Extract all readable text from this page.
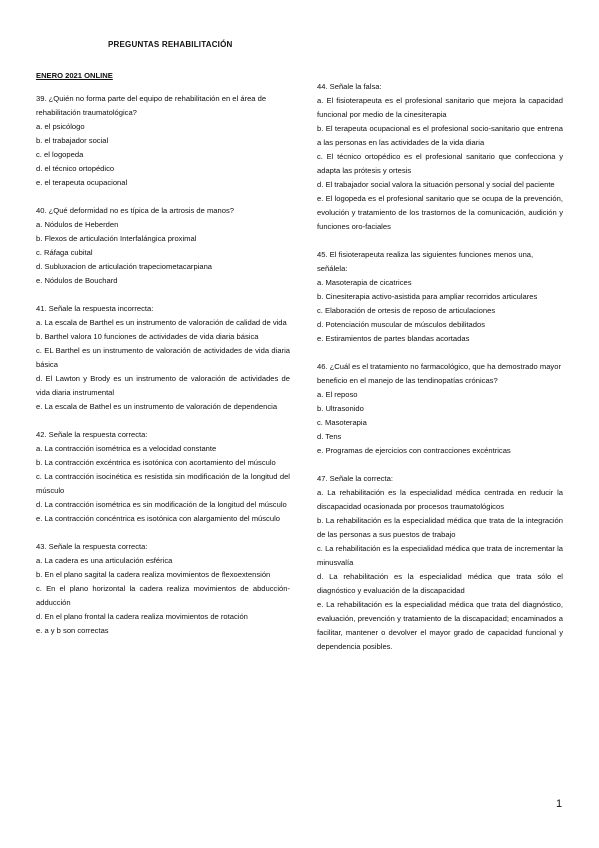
PREGUNTAS REHABILITACIÓN
ENERO 2021 ONLINE

39. ¿Quién no forma parte del equipo de rehabilitación en el área de rehabilitación traumatológica?

a. el psicólogo

b. el trabajador social

c. el logopeda

d. el técnico ortopédico

e. el terapeuta ocupacional

40. ¿Qué deformidad no es típica de la artrosis de manos?

a. Nódulos de Heberden

b. Flexos de articulación Interfalángica proximal

c. Ráfaga cubital

d. Subluxacion de articulación trapeciometacarpiana

e. Nódulos de Bouchard

41. Señale la respuesta incorrecta:

a. La escala de Barthel es un instrumento de valoración de calidad de vida

b. Barthel valora 10 funciones de actividades de vida diaria básica

c. EL Barthel es un instrumento de valoración de actividades de vida diaria básica

d. El Lawton y Brody es un instrumento de valoración de actividades de vida diaria instrumental

e. La escala de Bathel es un instrumento de valoración de dependencia

42. Señale la respuesta correcta:

a. La contracción isométrica es a velocidad constante

b. La contracción excéntrica es isotónica con acortamiento del músculo

c. La contracción isocinética es resistida sin modificación de la longitud del músculo

d. La contracción isométrica es sin modificación de la longitud del músculo

e. La contracción concéntrica es isotónica con alargamiento del músculo

43. Señale la respuesta correcta:

a. La cadera es una articulación esférica

b. En el plano sagital la cadera realiza movimientos de flexoextensión

c. En el plano horizontal la cadera realiza movimientos de abducción-adducción

d. En el plano frontal la cadera realiza movimientos de rotación

e. a y b son correctas

44. Señale la falsa:

a. El fisioterapeuta es el profesional sanitario que mejora la capacidad funcional por medio de la cinesiterapia

b. El terapeuta ocupacional es el profesional socio-sanitario que entrena a las personas en las actividades de la vida diaria

c. El técnico ortopédico es el profesional sanitario que confecciona y adapta las prótesis y ortesis

d. El trabajador social valora la situación personal y social del paciente

e. El logopeda es el profesional sanitario que se ocupa de la prevención, evolución y tratamiento de los trastornos de la comunicación, audición y funciones oro-faciales

45. El fisioterapeuta realiza las siguientes funciones menos una, señálela:

a. Masoterapia de cicatrices

b. Cinesiterapia activo-asistida para ampliar recorridos articulares

c. Elaboración de ortesis de reposo de articulaciones

d. Potenciación muscular de músculos debilitados

e. Estiramientos de partes blandas acortadas

46. ¿Cuál es el tratamiento no farmacológico, que ha demostrado mayor beneficio en el manejo de las tendinopatías crónicas?

a. El reposo

b. Ultrasonido

c. Masoterapia

d. Tens

e. Programas de ejercicios con contracciones excéntricas

47. Señale la correcta:

a. La rehabilitación es la especialidad médica centrada en reducir la discapacidad ocasionada por procesos traumatológicos

b. La rehabilitación es la especialidad médica que trata de la integración de las personas a sus puestos de trabajo

c. La rehabilitación es la especialidad médica que trata de incrementar la minusvalía

d. La rehabilitación es la especialidad médica que trata sólo el diagnóstico y evaluación de la discapacidad

e. La rehabilitación es la especialidad médica que trata del diagnóstico, evaluación, prevención y tratamiento de la discapacidad; encaminados a facilitar, mantener o devolver el mayor grado de capacidad funcional y dependencia posibles.

1
